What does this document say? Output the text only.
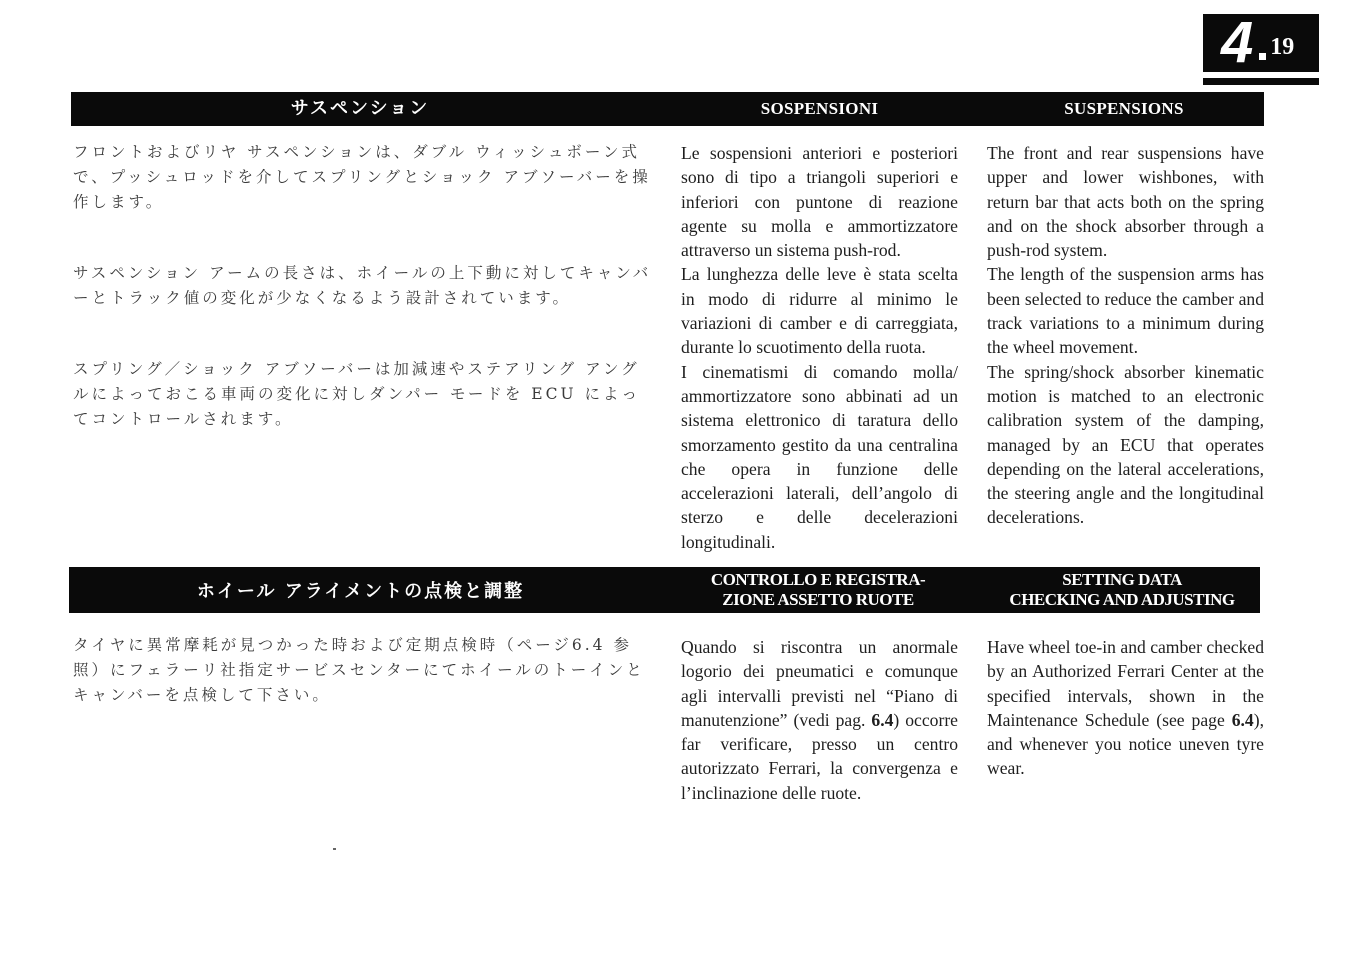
4 19
サスペンション	SOSPENSIONI	SUSPENSIONS

フロントおよびリヤ サスペンションは、ダブル ウィッシュボーン式で、プッシュロッドを介してスプリングとショック アブソーバーを操作します。

サスペンション アームの長さは、ホイールの上下動に対してキャンバーとトラック値の変化が少なくなるよう設計されています。

スプリング／ショック アブソーバーは加減速やステアリング アングルによっておこる車両の変化に対しダンパー モードを ECU によってコントロールされます。

Le sospensioni anteriori e posteriori sono di tipo a triangoli superiori e inferiori con puntone di reazione agente su molla e ammortizzatore attraverso un sistema push-rod.

La lunghezza delle leve è stata scelta in modo di ridurre al minimo le variazioni di camber e di carreggiata, durante lo scuotimento della ruota.

I cinematismi di comando molla/ ammortizzatore sono abbinati ad un sistema elettronico di taratura dello smorzamento gestito da una centralina che opera in funzione delle accelerazioni laterali, dell’angolo di sterzo e delle decelerazioni longitudinali.

The front and rear suspensions have upper and lower wishbones, with return bar that acts both on the spring and on the shock absorber through a push-rod system.

The length of the suspension arms has been selected to reduce the camber and track variations to a minimum during the wheel movement.

The spring/shock absorber kinematic motion is matched to an electronic calibration system of the damping, managed by an ECU that operates depending on the lateral accelerations, the steering angle and the longitudinal decelerations.

ホイール アライメントの点検と調整
CONTROLLO E REGISTRA-
ZIONE ASSETTO RUOTE
SETTING DATA
CHECKING AND ADJUSTING

タイヤに異常摩耗が見つかった時および定期点検時（ページ6.4 参照）にフェラーリ社指定サービスセンターにてホイールのトーインとキャンバーを点検して下さい。

Quando si riscontra un anormale logorio dei pneumatici e comunque agli intervalli previsti nel “Piano di manutenzione” (vedi pag. 6.4) occorre far verificare, presso un centro autorizzato Ferrari, la convergenza e l’inclinazione delle ruote.

Have wheel toe-in and camber checked by an Authorized Ferrari Center at the specified intervals, shown in the Maintenance Schedule (see page 6.4), and whenever you notice uneven tyre wear.
